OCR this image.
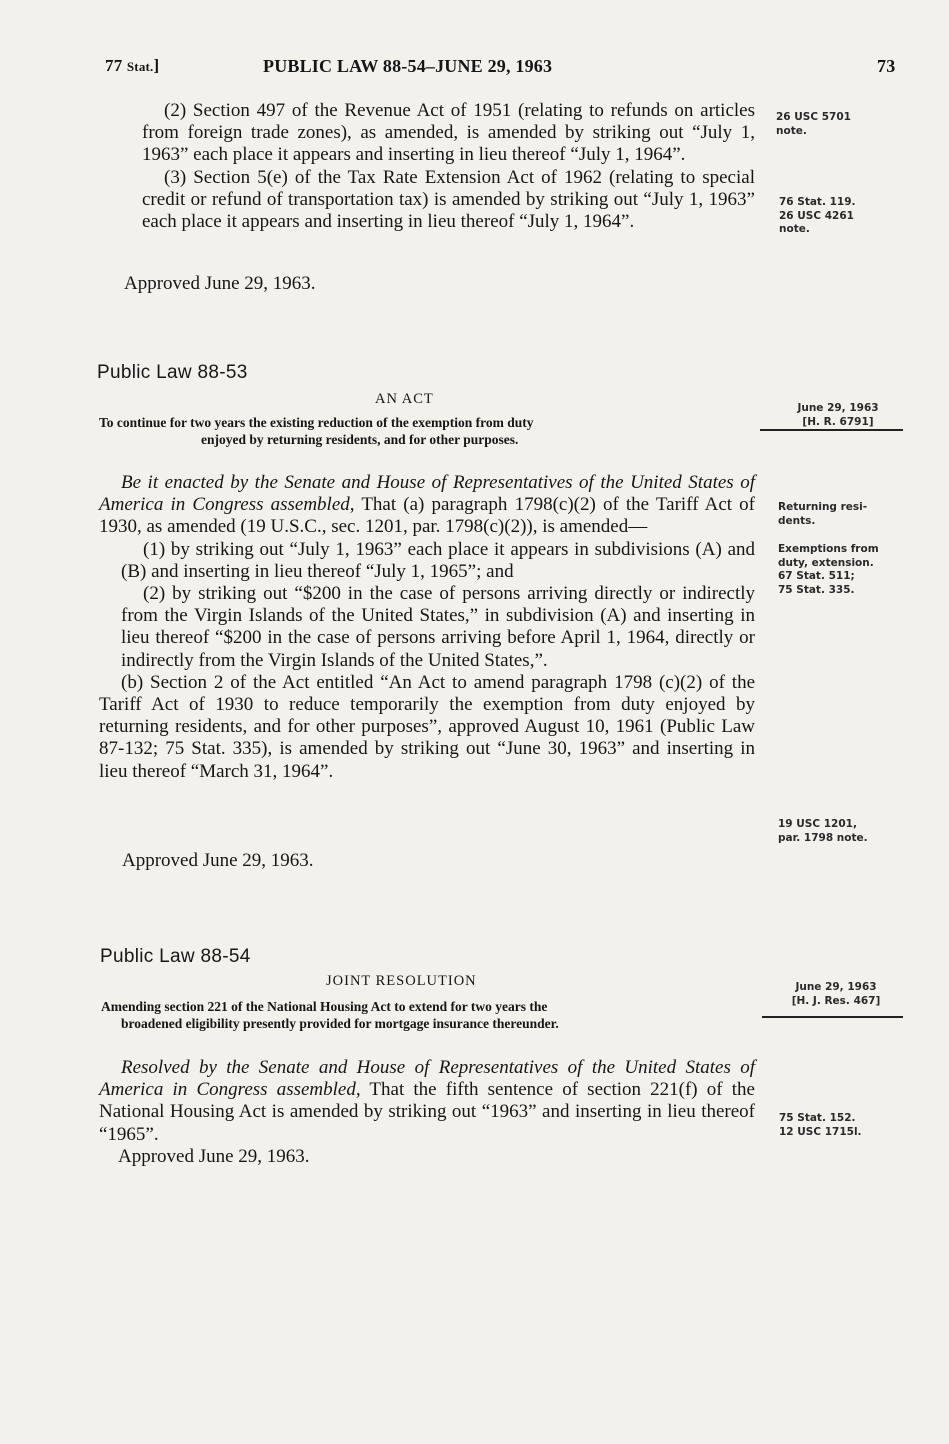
77 Stat.]	PUBLIC LAW 88-54–JUNE 29, 1963	73

(2) Section 497 of the Revenue Act of 1951 (relating to refunds on articles from foreign trade zones), as amended, is amended by striking out “July 1, 1963” each place it appears and inserting in lieu thereof “July 1, 1964”.

(3) Section 5(e) of the Tax Rate Extension Act of 1962 (relating to special credit or refund of transportation tax) is amended by striking out “July 1, 1963” each place it appears and inserting in lieu thereof “July 1, 1964”.

Approved June 29, 1963.
26 USC 5701
note.
76 Stat. 119.
26 USC 4261
note.
Public Law 88-53
AN ACT
To continue for two years the existing reduction of the exemption from duty
enjoyed by returning residents, and for other purposes.
June 29, 1963
[H. R. 6791]

Be it enacted by the Senate and House of Representatives of the United States of America in Congress assembled, That (a) paragraph 1798(c)(2) of the Tariff Act of 1930, as amended (19 U.S.C., sec. 1201, par. 1798(c)(2)), is amended—

(1) by striking out “July 1, 1963” each place it appears in subdivisions (A) and (B) and inserting in lieu thereof “July 1, 1965”; and

(2) by striking out “$200 in the case of persons arriving directly or indirectly from the Virgin Islands of the United States,” in subdivision (A) and inserting in lieu thereof “$200 in the case of persons arriving before April 1, 1964, directly or indirectly from the Virgin Islands of the United States,”.

(b) Section 2 of the Act entitled “An Act to amend paragraph 1798 (c)(2) of the Tariff Act of 1930 to reduce temporarily the exemption from duty enjoyed by returning residents, and for other purposes”, approved August 10, 1961 (Public Law 87-132; 75 Stat. 335), is amended by striking out “June 30, 1963” and inserting in lieu thereof “March 31, 1964”.

Approved June 29, 1963.
Returning resi-
dents.
Exemptions from
duty, extension.
67 Stat. 511;
75 Stat. 335.
19 USC 1201,
par. 1798 note.
Public Law 88-54
JOINT RESOLUTION
Amending section 221 of the National Housing Act to extend for two years the
broadened eligibility presently provided for mortgage insurance thereunder.
June 29, 1963
[H. J. Res. 467]

Resolved by the Senate and House of Representatives of the United States of America in Congress assembled, That the fifth sentence of section 221(f) of the National Housing Act is amended by striking out “1963” and inserting in lieu thereof “1965”.

Approved June 29, 1963.
75 Stat. 152.
12 USC 1715l.
